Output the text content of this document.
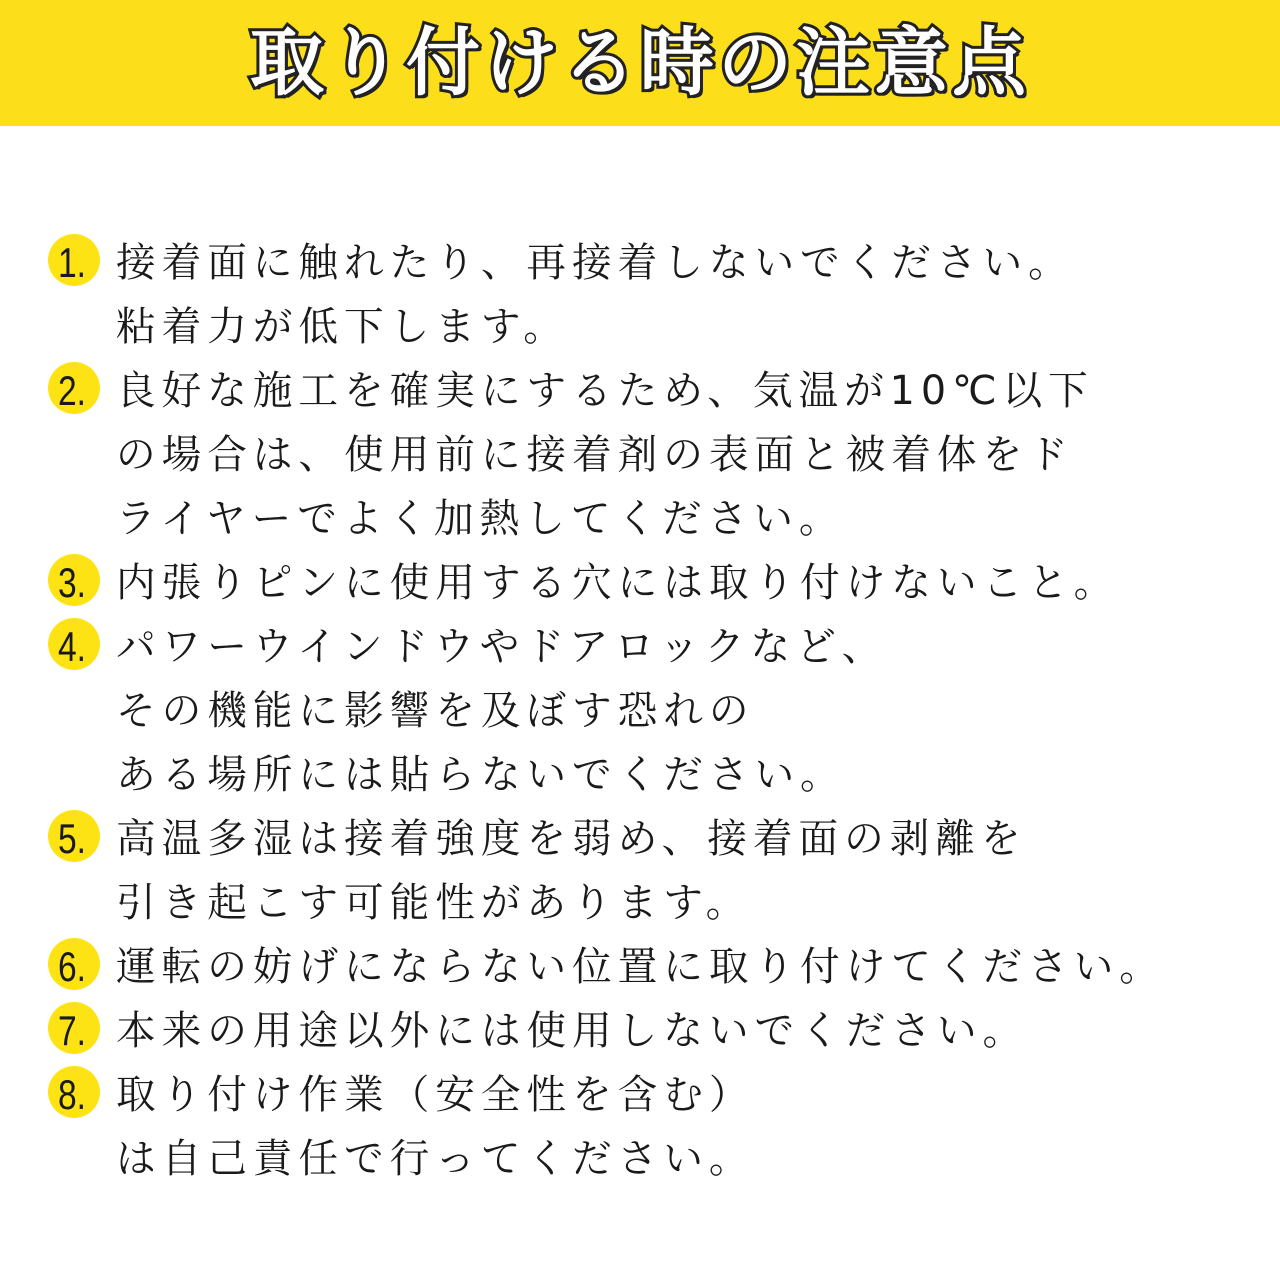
取り付ける時の注意点
1. 接着面に触れたり、再接着しないでください。粘着力が低下します。
2. 良好な施工を確実にするため、気温が10℃以下の場合は、使用前に接着剤の表面と被着体をドライヤーでよく加熱してください。
3. 内張りピンに使用する穴には取り付けないこと。
4. パワーウインドウやドアロックなど、その機能に影響を及ぼす恐れのある場所には貼らないでください。
5. 高温多湿は接着強度を弱め、接着面の剥離を引き起こす可能性があります。
6. 運転の妨げにならない位置に取り付けてください。
7. 本来の用途以外には使用しないでください。
8. 取り付け作業（安全性を含む）は自己責任で行ってください。
